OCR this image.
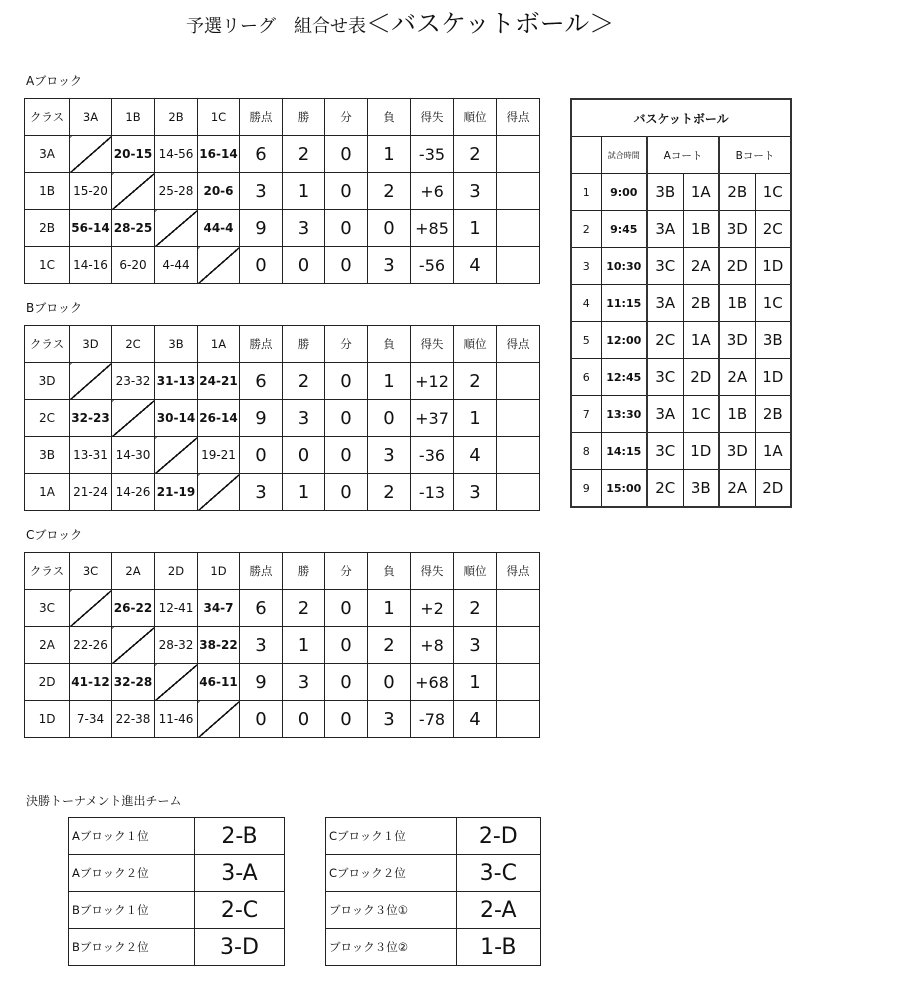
予選リーグ　組合せ表＜バスケットボール＞
Aブロック
クラス	3A	1B	2B	1C	勝点	勝	分	負	得失	順位	得点
3A		20-15	14-56	16-14	6	2	0	1	-35	2	
1B	15-20		25-28	20-6	3	1	0	2	+6	3	
2B	56-14	28-25		44-4	9	3	0	0	+85	1	
1C	14-16	6-20	4-44		0	0	0	3	-56	4	
Bブロック
クラス	3D	2C	3B	1A	勝点	勝	分	負	得失	順位	得点
3D		23-32	31-13	24-21	6	2	0	1	+12	2	
2C	32-23		30-14	26-14	9	3	0	0	+37	1	
3B	13-31	14-30		19-21	0	0	0	3	-36	4	
1A	21-24	14-26	21-19		3	1	0	2	-13	3	
Cブロック
クラス	3C	2A	2D	1D	勝点	勝	分	負	得失	順位	得点
3C		26-22	12-41	34-7	6	2	0	1	+2	2	
2A	22-26		28-32	38-22	3	1	0	2	+8	3	
2D	41-12	32-28		46-11	9	3	0	0	+68	1	
1D	7-34	22-38	11-46		0	0	0	3	-78	4	
バスケットボール					
	試合時間	Aコート		Bコート	
1	9:00	3B	1A	2B	1C
2	9:45	3A	1B	3D	2C
3	10:30	3C	2A	2D	1D
4	11:15	3A	2B	1B	1C
5	12:00	2C	1A	3D	3B
6	12:45	3C	2D	2A	1D
7	13:30	3A	1C	1B	2B
8	14:15	3C	1D	3D	1A
9	15:00	2C	3B	2A	2D
決勝トーナメント進出チーム
Aブロック１位	2-B
Aブロック２位	3-A
Bブロック１位	2-C
Bブロック２位	3-D
Cブロック１位	2-D
Cブロック２位	3-C
ブロック３位①	2-A
ブロック３位②	1-B
